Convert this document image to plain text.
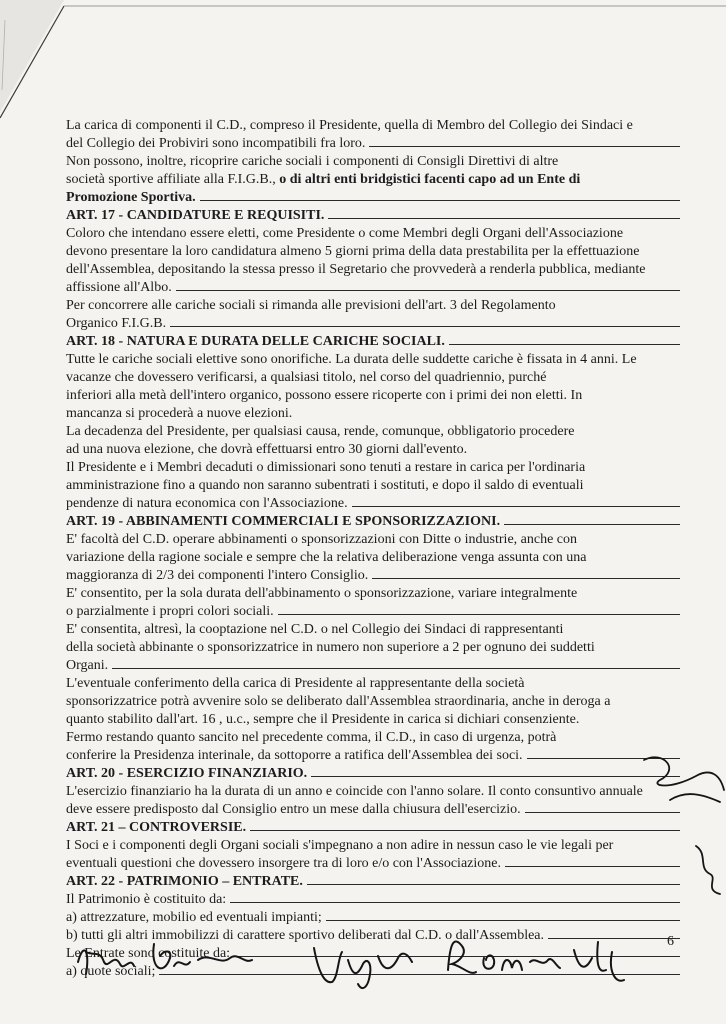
La carica di componenti il C.D., compreso il Presidente, quella di Membro del Collegio dei Sindaci e
del Collegio dei Probiviri sono incompatibili fra loro.
Non possono, inoltre, ricoprire cariche sociali i componenti di Consigli Direttivi di altre
società sportive affiliate alla F.I.G.B., o di altri enti bridgistici facenti capo ad un Ente di
Promozione Sportiva.
ART. 17 - CANDIDATURE E REQUISITI.
Coloro che intendano essere eletti, come Presidente o come Membri degli Organi dell'Associazione
devono presentare la loro candidatura almeno 5 giorni prima della data prestabilita per la effettuazione
dell'Assemblea, depositando la stessa presso il Segretario che provvederà a renderla pubblica, mediante
affissione all'Albo.
Per concorrere alle cariche sociali si rimanda alle previsioni dell'art. 3 del Regolamento
Organico F.I.G.B.
ART. 18 - NATURA E DURATA DELLE CARICHE SOCIALI.
Tutte le cariche sociali elettive sono onorifiche. La durata delle suddette cariche è fissata in 4 anni. Le
vacanze che dovessero verificarsi, a qualsiasi titolo, nel corso del quadriennio, purché
inferiori alla metà dell'intero organico, possono essere ricoperte con i primi dei non eletti. In
mancanza si procederà a nuove elezioni.
La decadenza del Presidente, per qualsiasi causa, rende, comunque, obbligatorio procedere
ad una nuova elezione, che dovrà effettuarsi entro 30 giorni dall'evento.
Il Presidente e i Membri decaduti o dimissionari sono tenuti a restare in carica per l'ordinaria
amministrazione fino a quando non saranno subentrati i sostituti, e dopo il saldo di eventuali
pendenze di natura economica con l'Associazione.
ART. 19 - ABBINAMENTI COMMERCIALI E SPONSORIZZAZIONI.
E' facoltà del C.D. operare abbinamenti o sponsorizzazioni con Ditte o industrie, anche con
variazione della ragione sociale e sempre che la relativa deliberazione venga assunta con una
maggioranza di 2/3 dei componenti l'intero Consiglio.
E' consentito, per la sola durata dell'abbinamento o sponsorizzazione, variare integralmente
o parzialmente i propri colori sociali.
E' consentita, altresì, la cooptazione nel C.D. o nel Collegio dei Sindaci di rappresentanti
della società abbinante o sponsorizzatrice in numero non superiore a 2 per ognuno dei suddetti
Organi.
L'eventuale conferimento della carica di Presidente al rappresentante della società
sponsorizzatrice potrà avvenire solo se deliberato dall'Assemblea straordinaria, anche in deroga a
quanto stabilito dall'art. 16 , u.c., sempre che il Presidente in carica si dichiari consenziente.
Fermo restando quanto sancito nel precedente comma, il C.D., in caso di urgenza, potrà
conferire la Presidenza interinale, da sottoporre a ratifica dell'Assemblea dei soci.
ART. 20 - ESERCIZIO FINANZIARIO.
L'esercizio finanziario ha la durata di un anno e coincide con l'anno solare. Il conto consuntivo annuale
deve essere predisposto dal Consiglio entro un mese dalla chiusura dell'esercizio.
ART. 21 – CONTROVERSIE.
I Soci e i componenti degli Organi sociali s'impegnano a non adire in nessun caso le vie legali per
eventuali questioni che dovessero insorgere tra di loro e/o con l'Associazione.
ART. 22 - PATRIMONIO – ENTRATE.
Il Patrimonio è costituito da:
a) attrezzature, mobilio ed eventuali impianti;
b) tutti gli altri immobilizzi di carattere sportivo deliberati dal C.D. o dall'Assemblea.
Le Entrate sono costituite da:
a) quote sociali;
6
